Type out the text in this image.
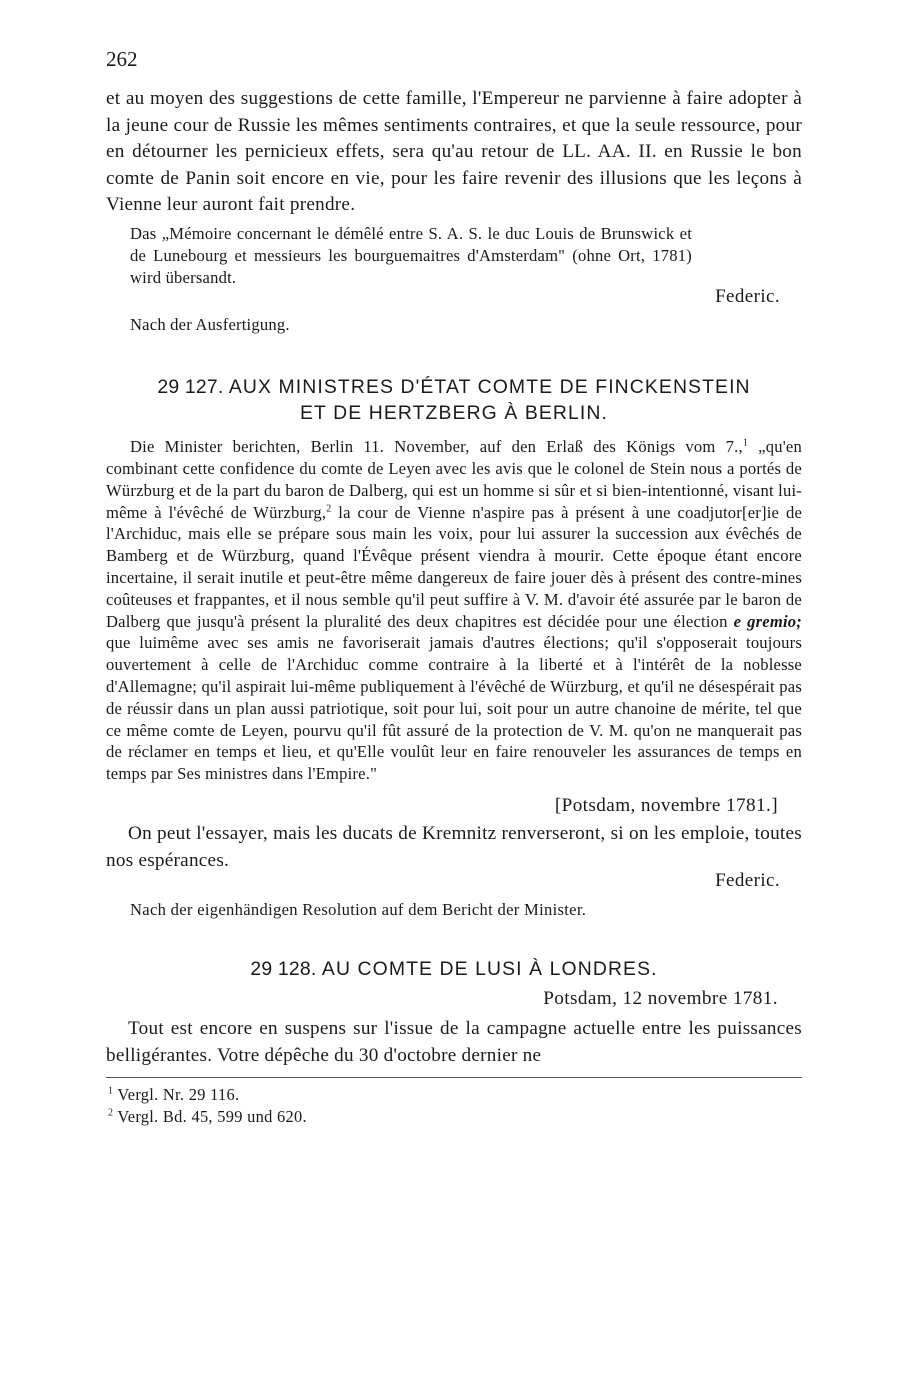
262

et au moyen des suggestions de cette famille, l'Empereur ne parvienne à faire adopter à la jeune cour de Russie les mêmes sentiments contraires, et que la seule ressource, pour en détourner les pernicieux effets, sera qu'au retour de LL. AA. II. en Russie le bon comte de Panin soit encore en vie, pour les faire revenir des illusions que les leçons à Vienne leur auront fait prendre.

Das „Mémoire concernant le démêlé entre S. A. S. le duc Louis de Brunswick et de Lunebourg et messieurs les bourguemaitres d'Amsterdam" (ohne Ort, 1781) wird übersandt.

Federic.

Nach der Ausfertigung.

29 127. AUX MINISTRES D'ÉTAT COMTE DE FINCKENSTEIN
ET DE HERTZBERG À BERLIN.

Die Minister berichten, Berlin 11. November, auf den Erlaß des Königs vom 7.,$^1$ „qu'en combinant cette confidence du comte de Leyen avec les avis que le colonel de Stein nous a portés de Würzburg et de la part du baron de Dalberg, qui est un homme si sûr et si bien-intentionné, visant lui-même à l'évêché de Würzburg,$^2$ la cour de Vienne n'aspire pas à présent à une coadjutor[er]ie de l'Archiduc, mais elle se prépare sous main les voix, pour lui assurer la succession aux évêchés de Bamberg et de Würzburg, quand l'Évêque présent viendra à mourir. Cette époque étant encore incertaine, il serait inutile et peut-être même dangereux de faire jouer dès à présent des contre-mines coûteuses et frappantes, et il nous semble qu'il peut suffire à V. M. d'avoir été assurée par le baron de Dalberg que jusqu'à présent la pluralité des deux chapitres est décidée pour une élection e gremio; que luimême avec ses amis ne favoriserait jamais d'autres élections; qu'il s'opposerait toujours ouvertement à celle de l'Archiduc comme contraire à la liberté et à l'intérêt de la noblesse d'Allemagne; qu'il aspirait lui-même publiquement à l'évêché de Würzburg, et qu'il ne désespérait pas de réussir dans un plan aussi patriotique, soit pour lui, soit pour un autre chanoine de mérite, tel que ce même comte de Leyen, pourvu qu'il fût assuré de la protection de V. M. qu'on ne manquerait pas de réclamer en temps et lieu, et qu'Elle voulût leur en faire renouveler les assurances de temps en temps par Ses ministres dans l'Empire."

[Potsdam, novembre 1781.]

On peut l'essayer, mais les ducats de Kremnitz renverseront, si on les emploie, toutes nos espérances.

Federic.

Nach der eigenhändigen Resolution auf dem Bericht der Minister.

29 128. AU COMTE DE LUSI À LONDRES.
Potsdam, 12 novembre 1781.

Tout est encore en suspens sur l'issue de la campagne actuelle entre les puissances belligérantes. Votre dépêche du 30 d'octobre dernier ne

$^1$ Vergl. Nr. 29 116.
$^2$ Vergl. Bd. 45, 599 und 620.
